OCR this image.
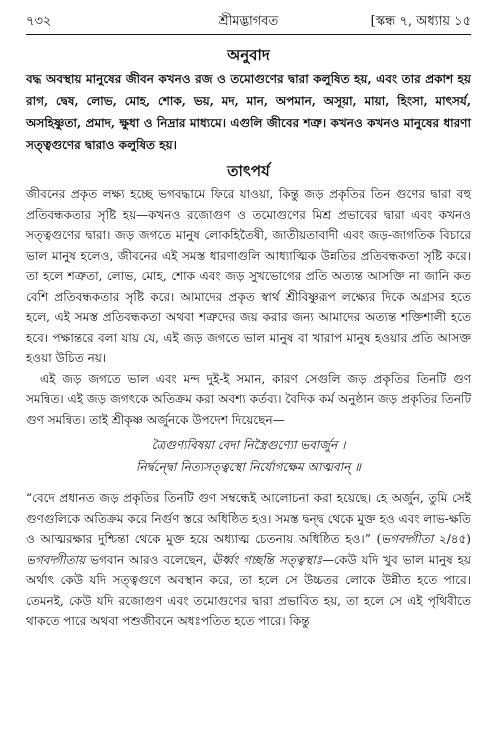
৭৩২	শ্রীমদ্ভাগবত	[স্কন্ধ ৭, অধ্যায় ১৫
অনুবাদ

বদ্ধ অবস্থায় মানুষের জীবন কখনও রজ ও তমোগুণের দ্বারা কলুষিত হয়, এবং তার প্রকাশ হয় রাগ, দ্বেষ, লোভ, মোহ, শোক, ভয়, মদ, মান, অপমান, অসূয়া, মায়া, হিংসা, মাৎসর্য, অসহিষ্ণুতা, প্রমাদ, ক্ষুধা ও নিদ্রার মাধ্যমে। এগুলি জীবের শত্রু। কখনও কখনও মানুষের ধারণা সত্ত্বগুণের দ্বারাও কলুষিত হয়।

তাৎপর্য

জীবনের প্রকৃত লক্ষ্য হচ্ছে ভগবদ্ধামে ফিরে যাওয়া, কিন্তু জড় প্রকৃতির তিন গুণের দ্বারা বহু প্রতিবন্ধকতার সৃষ্টি হয়—কখনও রজোগুণ ও তমোগুণের মিশ্র প্রভাবের দ্বারা এবং কখনও সত্ত্বগুণের দ্বারা। জড় জগতে মানুষ লোকহিতৈষী, জাতীয়তাবাদী এবং জড়-জাগতিক বিচারে ভাল মানুষ হলেও, জীবনের এই সমস্ত ধারণাগুলি আধ্যাত্মিক উন্নতির প্রতিবন্ধকতা সৃষ্টি করে। তা হলে শত্রুতা, লোভ, মোহ, শোক এবং জড় সুখভোগের প্রতি অত্যন্ত আসক্তি না জানি কত বেশি প্রতিবন্ধকতার সৃষ্টি করে। আমাদের প্রকৃত স্বার্থ শ্রীবিষ্ণুরূপ লক্ষ্যের দিকে অগ্রসর হতে হলে, এই সমস্ত প্রতিবন্ধকতা অথবা শত্রুদের জয় করার জন্য আমাদের অত্যন্ত শক্তিশালী হতে হবে। পক্ষান্তরে বলা যায় যে, এই জড় জগতে ভাল মানুষ বা খারাপ মানুষ হওয়ার প্রতি আসক্ত হওয়া উচিত নয়।

এই জড় জগতে ভাল এবং মন্দ দুই-ই সমান, কারণ সেগুলি জড় প্রকৃতির তিনটি গুণ সমন্বিত। এই জড় জগৎকে অতিক্রম করা অবশ্য কর্তব্য। বৈদিক কর্ম অনুষ্ঠান জড় প্রকৃতির তিনটি গুণ সমন্বিত। তাই শ্রীকৃষ্ণ অর্জুনকে উপদেশ দিয়েছেন—

ত্রৈগুণ্যবিষয়া বেদা নিস্ত্রৈগুণ্যো ভবার্জুন ।
নির্দ্বন্দ্বো নিত্যসত্ত্বস্থো নির্যোগক্ষেম আত্মবান্ ॥

“বেদে প্রধানত জড় প্রকৃতির তিনটি গুণ সম্বন্ধেই আলোচনা করা হয়েছে। হে অর্জুন, তুমি সেই গুণগুলিকে অতিক্রম করে নির্গুণ স্তরে অধিষ্ঠিত হও। সমস্ত দ্বন্দ্ব থেকে মুক্ত হও এবং লাভ-ক্ষতি ও আত্মরক্ষার দুশ্চিন্তা থেকে মুক্ত হয়ে অধ্যাত্ম চেতনায় অধিষ্ঠিত হও।” (ভগবদ্গীতা ২/৪৫) ভগবদ্গীতায় ভগবান আরও বলেছেন, ঊর্ধ্বং গচ্ছন্তি সত্ত্বস্থাঃ—কেউ যদি খুব ভাল মানুষ হয় অর্থাৎ কেউ যদি সত্ত্বগুণে অবস্থান করে, তা হলে সে উচ্চতর লোকে উন্নীত হতে পারে। তেমনই, কেউ যদি রজোগুণ এবং তমোগুণের দ্বারা প্রভাবিত হয়, তা হলে সে এই পৃথিবীতে থাকতে পারে অথবা পশুজীবনে অধঃপতিত হতে পারে। কিন্তু
